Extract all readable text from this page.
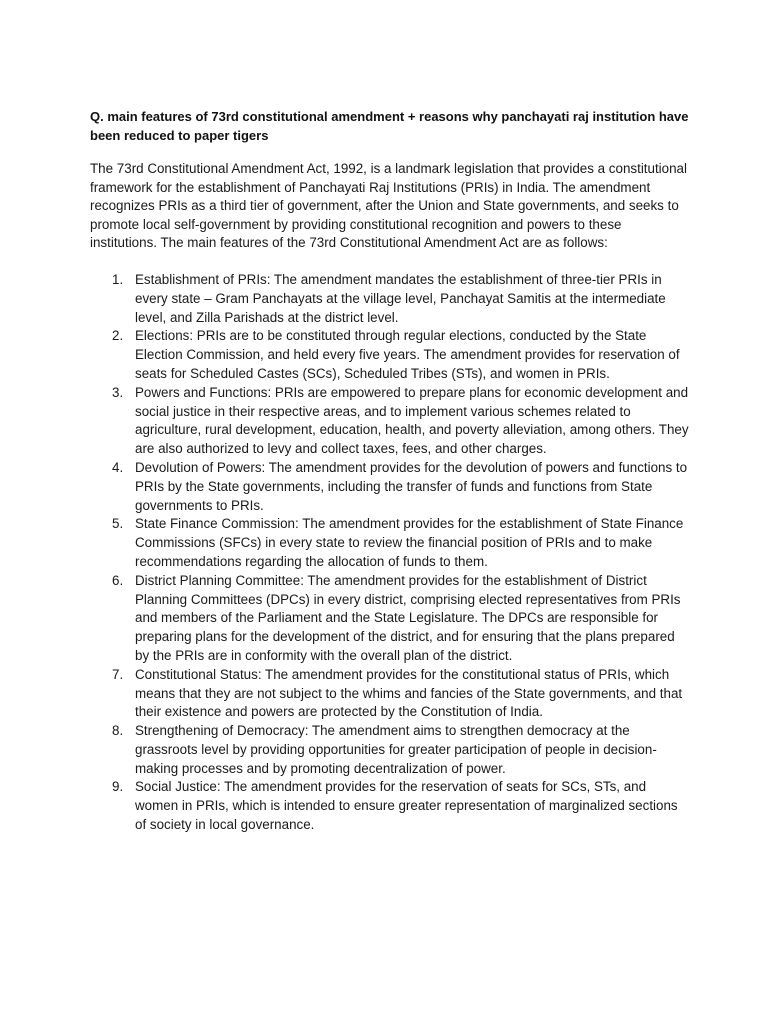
Q. main features of 73rd constitutional amendment + reasons why panchayati raj institution have been reduced to paper tigers

The 73rd Constitutional Amendment Act, 1992, is a landmark legislation that provides a constitutional framework for the establishment of Panchayati Raj Institutions (PRIs) in India. The amendment recognizes PRIs as a third tier of government, after the Union and State governments, and seeks to promote local self-government by providing constitutional recognition and powers to these institutions. The main features of the 73rd Constitutional Amendment Act are as follows:

1. Establishment of PRIs: The amendment mandates the establishment of three-tier PRIs in every state – Gram Panchayats at the village level, Panchayat Samitis at the intermediate level, and Zilla Parishads at the district level.
2. Elections: PRIs are to be constituted through regular elections, conducted by the State Election Commission, and held every five years. The amendment provides for reservation of seats for Scheduled Castes (SCs), Scheduled Tribes (STs), and women in PRIs.
3. Powers and Functions: PRIs are empowered to prepare plans for economic development and social justice in their respective areas, and to implement various schemes related to agriculture, rural development, education, health, and poverty alleviation, among others. They are also authorized to levy and collect taxes, fees, and other charges.
4. Devolution of Powers: The amendment provides for the devolution of powers and functions to PRIs by the State governments, including the transfer of funds and functions from State governments to PRIs.
5. State Finance Commission: The amendment provides for the establishment of State Finance Commissions (SFCs) in every state to review the financial position of PRIs and to make recommendations regarding the allocation of funds to them.
6. District Planning Committee: The amendment provides for the establishment of District Planning Committees (DPCs) in every district, comprising elected representatives from PRIs and members of the Parliament and the State Legislature. The DPCs are responsible for preparing plans for the development of the district, and for ensuring that the plans prepared by the PRIs are in conformity with the overall plan of the district.
7. Constitutional Status: The amendment provides for the constitutional status of PRIs, which means that they are not subject to the whims and fancies of the State governments, and that their existence and powers are protected by the Constitution of India.
8. Strengthening of Democracy: The amendment aims to strengthen democracy at the grassroots level by providing opportunities for greater participation of people in decision-making processes and by promoting decentralization of power.
9. Social Justice: The amendment provides for the reservation of seats for SCs, STs, and women in PRIs, which is intended to ensure greater representation of marginalized sections of society in local governance.
